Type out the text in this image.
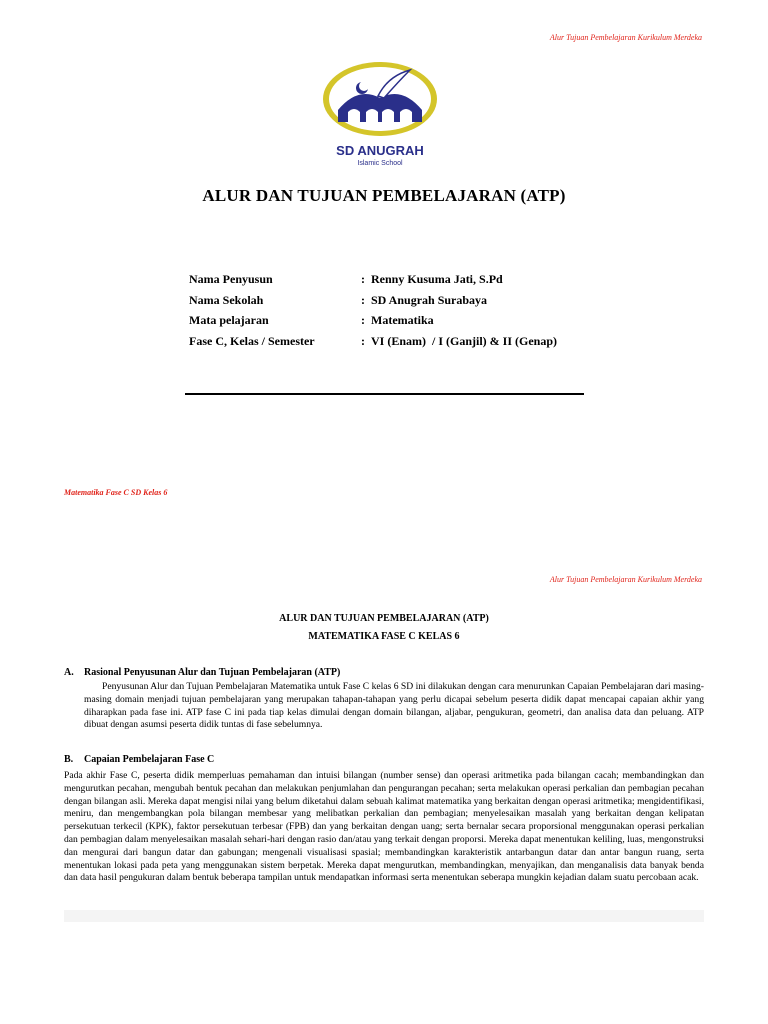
Alur Tujuan Pembelajaran Kurikulum Merdeka
SD ANUGRAH
Islamic School
ALUR DAN TUJUAN PEMBELAJARAN (ATP)
Nama Penyusun	: Renny Kusuma Jati, S.Pd
Nama Sekolah	: SD Anugrah Surabaya
Mata pelajaran	: Matematika
Fase C, Kelas / Semester	: VI (Enam)  / I (Ganjil) & II (Genap)
Matematika Fase C SD Kelas 6
Alur Tujuan Pembelajaran Kurikulum Merdeka
ALUR DAN TUJUAN PEMBELAJARAN (ATP)
MATEMATIKA FASE C KELAS 6
A.	Rasional Penyusunan Alur dan Tujuan Pembelajaran (ATP)
Penyusunan Alur dan Tujuan Pembelajaran Matematika untuk Fase C kelas 6 SD ini dilakukan dengan cara menurunkan Capaian Pembelajaran dari masing-masing domain menjadi tujuan pembelajaran yang merupakan tahapan-tahapan yang perlu dicapai sebelum peserta didik dapat mencapai capaian akhir yang diharapkan pada fase ini. ATP fase C ini pada tiap kelas dimulai dengan domain bilangan, aljabar, pengukuran, geometri, dan analisa data dan peluang. ATP dibuat dengan asumsi peserta didik tuntas di fase sebelumnya.
B.	Capaian Pembelajaran Fase C
Pada akhir Fase C, peserta didik memperluas pemahaman dan intuisi bilangan (number sense) dan operasi aritmetika pada bilangan cacah; membandingkan dan mengurutkan pecahan, mengubah bentuk pecahan dan melakukan penjumlahan dan pengurangan pecahan; serta melakukan operasi perkalian dan pembagian pecahan dengan bilangan asli. Mereka dapat mengisi nilai yang belum diketahui dalam sebuah kalimat matematika yang berkaitan dengan operasi aritmetika; mengidentifikasi, meniru, dan mengembangkan pola bilangan membesar yang melibatkan perkalian dan pembagian; menyelesaikan masalah yang berkaitan dengan kelipatan persekutuan terkecil (KPK), faktor persekutuan terbesar (FPB) dan yang berkaitan dengan uang; serta bernalar secara proporsional menggunakan operasi perkalian dan pembagian dalam menyelesaikan masalah sehari-hari dengan rasio dan/atau yang terkait dengan proporsi. Mereka dapat menentukan keliling, luas, mengonstruksi dan mengurai dari bangun datar dan gabungan; mengenali visualisasi spasial; membandingkan karakteristik antarbangun datar dan antar bangun ruang, serta menentukan lokasi pada peta yang menggunakan sistem berpetak. Mereka dapat mengurutkan, membandingkan, menyajikan, dan menganalisis data banyak benda dan data hasil pengukuran dalam bentuk beberapa tampilan untuk mendapatkan informasi serta menentukan seberapa mungkin kejadian dalam suatu percobaan acak.
